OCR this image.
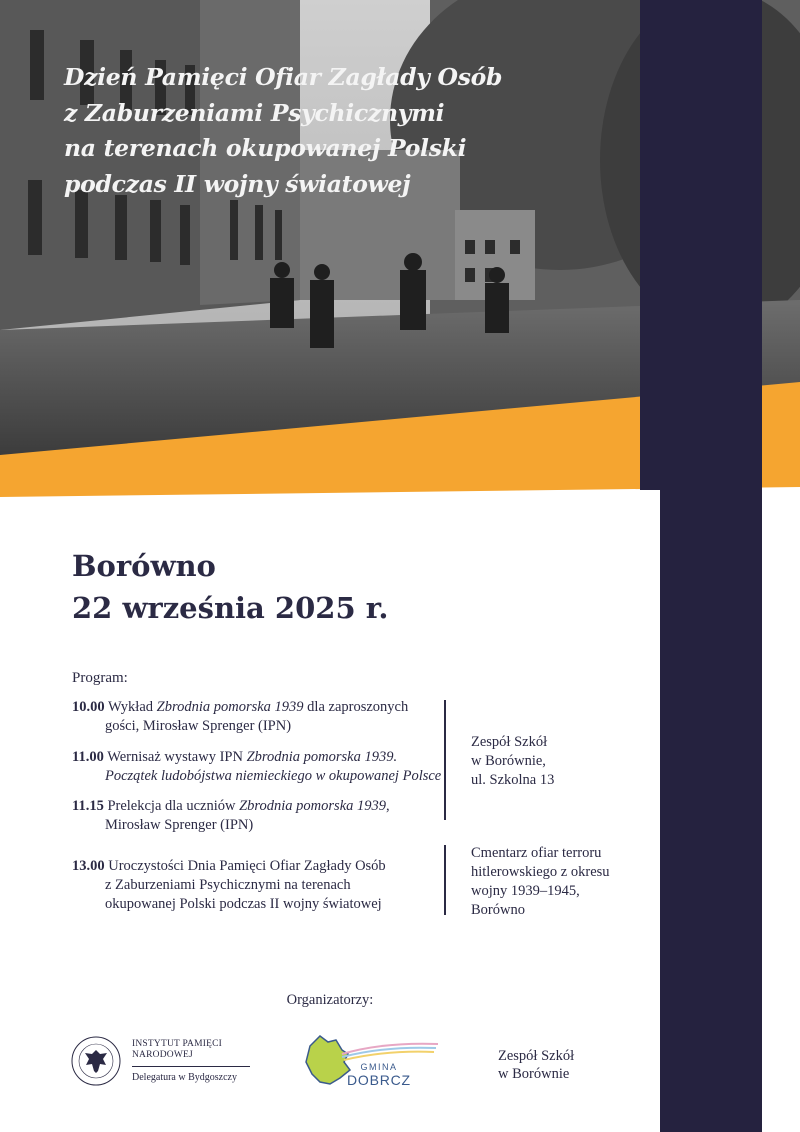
Dzień Pamięci Ofiar Zagłady Osób
z Zaburzeniami Psychicznymi
na terenach okupowanej Polski
podczas II wojny światowej
Borówno
22 września 2025 r.
Program:
10.00 Wykład Zbrodnia pomorska 1939 dla zaproszonych
gości, Mirosław Sprenger (IPN)
11.00 Wernisaż wystawy IPN Zbrodnia pomorska 1939.
Początek ludobójstwa niemieckiego w okupowanej Polsce
11.15 Prelekcja dla uczniów Zbrodnia pomorska 1939,
Mirosław Sprenger (IPN)
13.00 Uroczystości Dnia Pamięci Ofiar Zagłady Osób
z Zaburzeniami Psychicznymi na terenach
okupowanej Polski podczas II wojny światowej
Zespół Szkół
w Borównie,
ul. Szkolna 13
Cmentarz ofiar terroru
hitlerowskiego z okresu
wojny 1939–1945,
Borówno
Organizatorzy:
INSTYTUT PAMIĘCI
NARODOWEJ
Delegatura w Bydgoszczy
GMINA
DOBRCZ
Zespół Szkół
w Borównie
